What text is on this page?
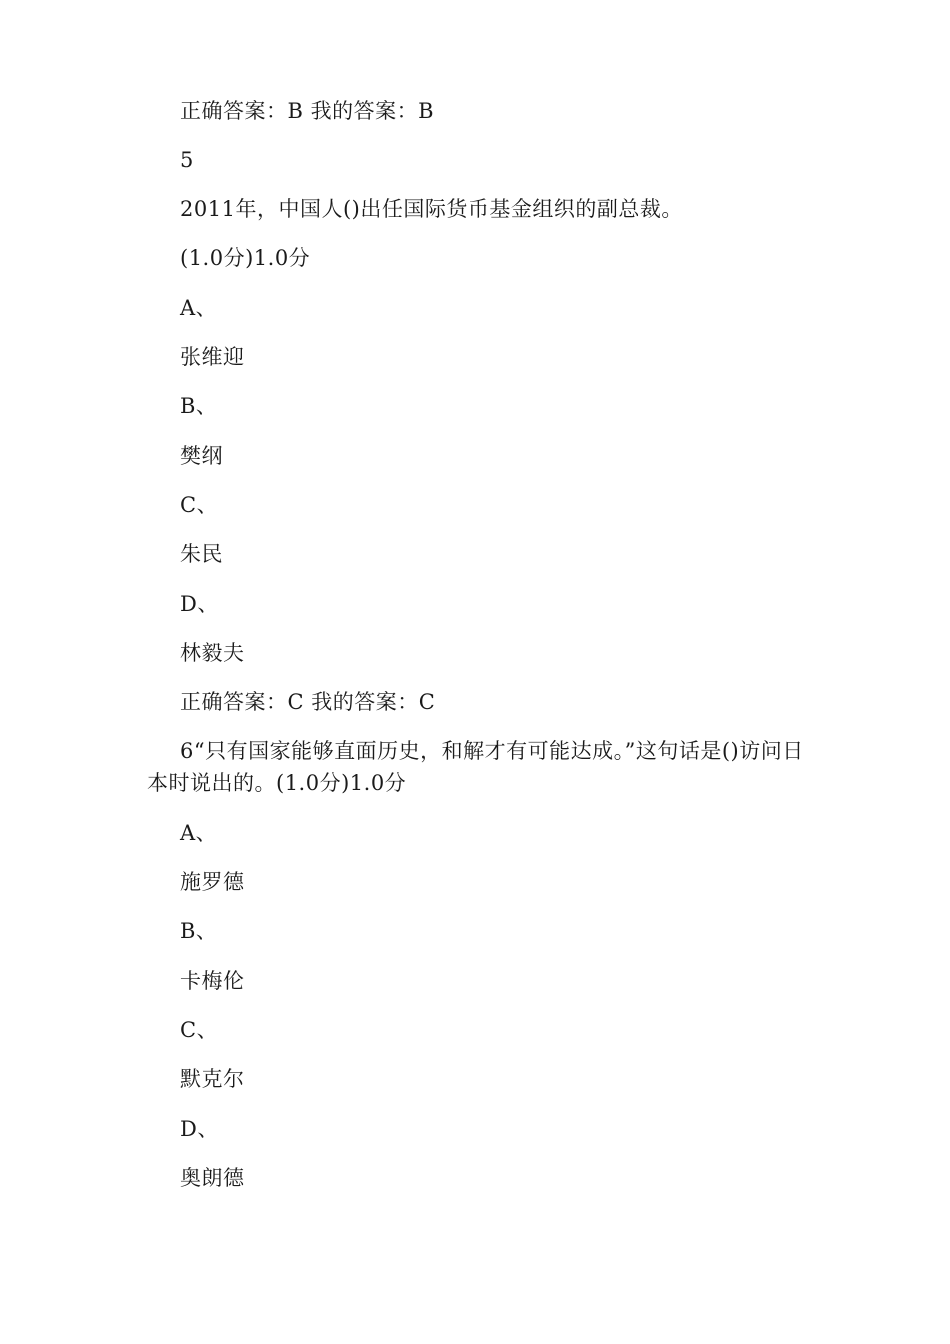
正确答案：B 我的答案：B
5
2011年，中国人()出任国际货币基金组织的副总裁。
(1.0分)1.0分
A、
张维迎
B、
樊纲
C、
朱民
D、
林毅夫
正确答案：C 我的答案：C
6“只有国家能够直面历史，和解才有可能达成。”这句话是()访问日本时说出的。(1.0分)1.0分
A、
施罗德
B、
卡梅伦
C、
默克尔
D、
奥朗德
